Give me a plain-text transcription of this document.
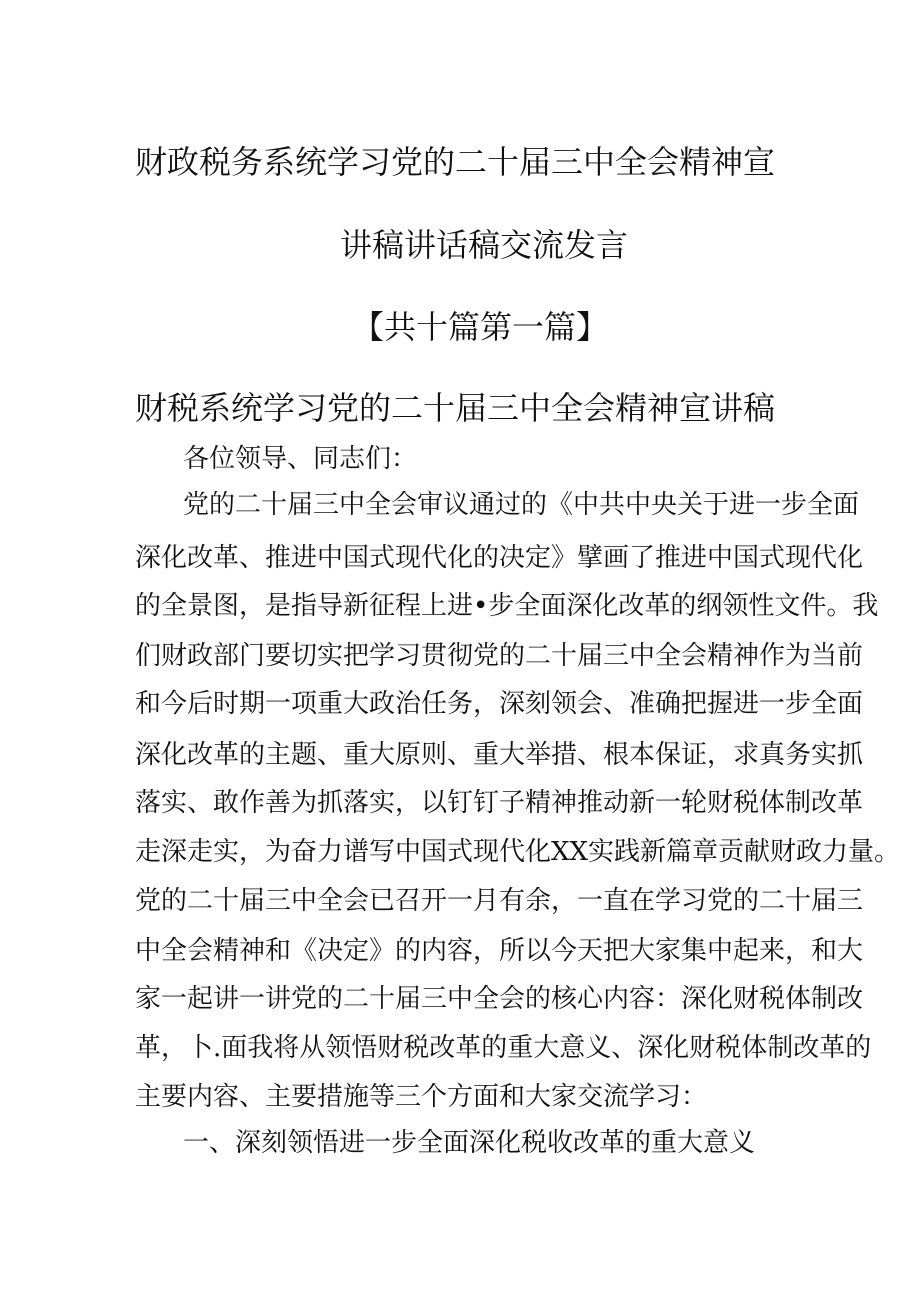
财政税务系统学习党的二十届三中全会精神宣
讲稿讲话稿交流发言
【共十篇第一篇】
财税系统学习党的二十届三中全会精神宣讲稿
各位领导、同志们：
党的二十届三中全会审议通过的《中共中央关于进一步全面
深化改革、推进中国式现代化的决定》擘画了推进中国式现代化
的全景图，是指导新征程上进•步全面深化改革的纲领性文件。我
们财政部门要切实把学习贯彻党的二十届三中全会精神作为当前
和今后时期一项重大政治任务，深刻领会、准确把握进一步全面
深化改革的主题、重大原则、重大举措、根本保证，求真务实抓
落实、敢作善为抓落实，以钉钉子精神推动新一轮财税体制改革
走深走实，为奋力谱写中国式现代化XX实践新篇章贡献财政力量。
党的二十届三中全会已召开一月有余，一直在学习党的二十届三
中全会精神和《决定》的内容，所以今天把大家集中起来，和大
家一起讲一讲党的二十届三中全会的核心内容：深化财税体制改
革，卜.面我将从领悟财税改革的重大意义、深化财税体制改革的
主要内容、主要措施等三个方面和大家交流学习：
一、深刻领悟进一步全面深化税收改革的重大意义
